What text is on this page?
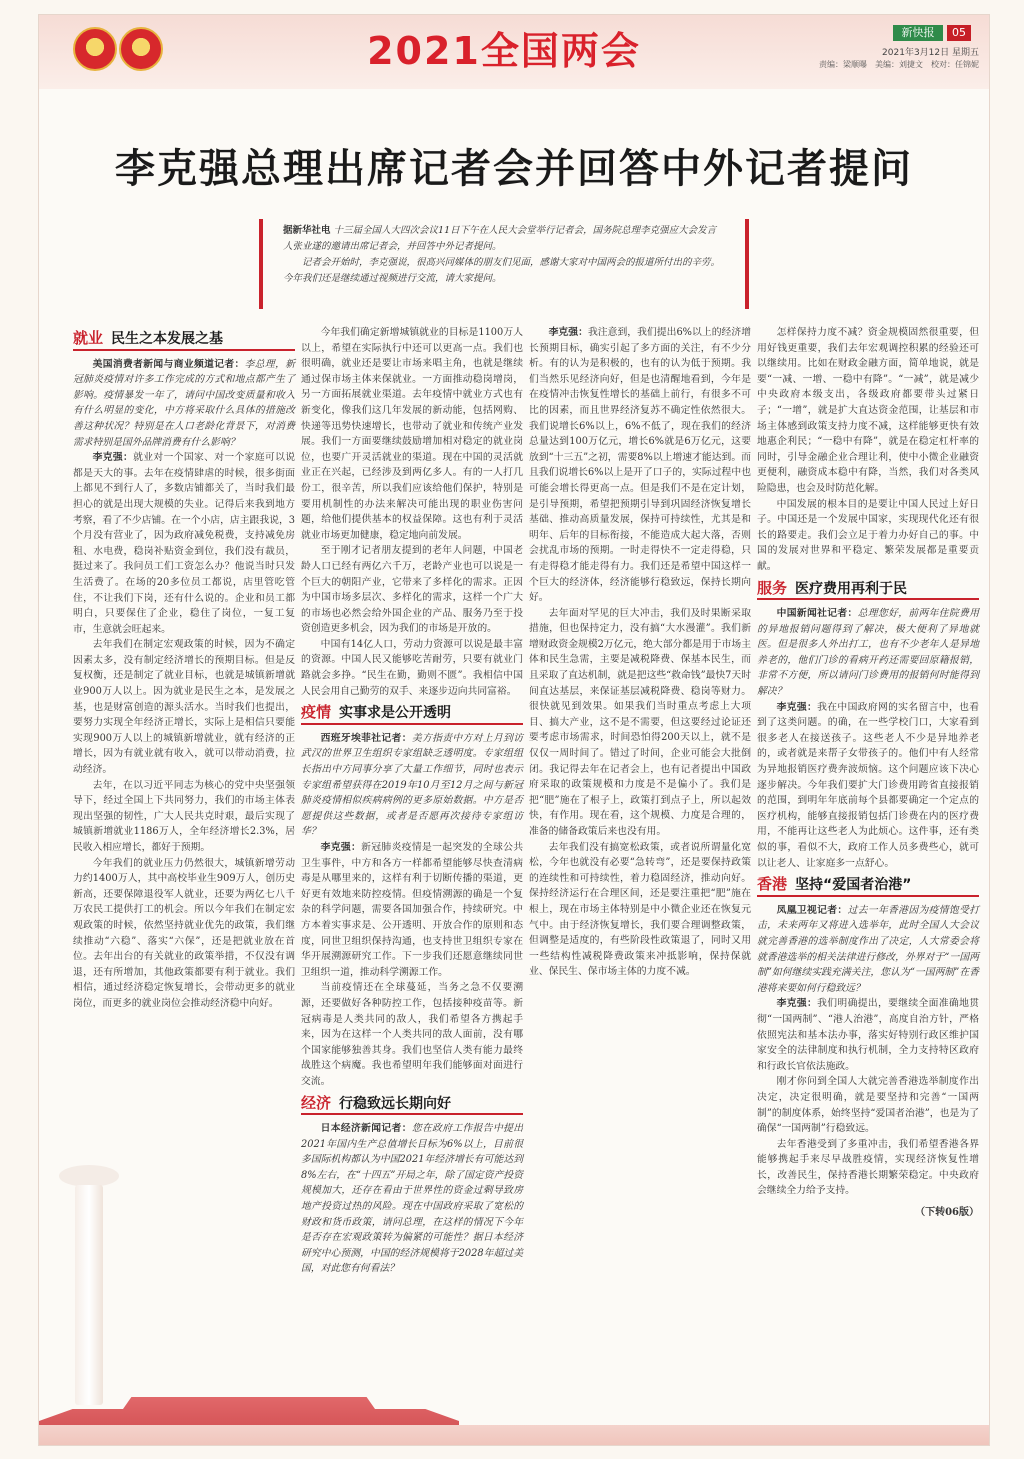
2021全国两会	新快报	05
2021年3月12日 星期五
责编：梁顺曝　美编：刘捷文　校对：任锦妮
李克强总理出席记者会并回答中外记者提问
据新华社电 十三届全国人大四次会议11日下午在人民大会堂举行记者会，国务院总理李克强应大会发言人张业遂的邀请出席记者会，并回答中外记者提问。
记者会开始时，李克强说，很高兴同媒体的朋友们见面，感谢大家对中国两会的报道所付出的辛劳。今年我们还是继续通过视频进行交流，请大家提问。
就业 民生之本发展之基

美国消费者新闻与商业频道记者：李总理，新冠肺炎疫情对许多工作完成的方式和地点都产生了影响。疫情暴发一年了，请问中国改变质量和收入有什么明显的变化，中方将采取什么具体的措施改善这种状况？特别是在人口老龄化背景下，对消费需求特别是国外品牌消费有什么影响？

李克强：就业对一个国家、对一个家庭可以说都是天大的事。去年在疫情肆虐的时候，很多街面上都见不到行人了，多数店铺都关了，当时我们最担心的就是出现大规模的失业。记得后来我到地方考察，看了不少店铺。在一个小店，店主跟我说，3个月没有营业了，因为政府减免税费，支持减免房租、水电费，稳岗补贴资金到位，我们没有裁员，挺过来了。我问员工们工资怎么办？他说当时只发生活费了。在场的20多位员工都说，店里管吃管住，不让我们下岗，还有什么说的。企业和员工都明白，只要保住了企业，稳住了岗位，一复工复市，生意就会旺起来。

去年我们在制定宏观政策的时候，因为不确定因素太多，没有制定经济增长的预期目标。但是反复权衡，还是制定了就业目标，也就是城镇新增就业900万人以上。因为就业是民生之本，是发展之基，也是财富创造的源头活水。当时我们也提出，要努力实现全年经济正增长，实际上是相信只要能实现900万人以上的城镇新增就业，就有经济的正增长，因为有就业就有收入，就可以带动消费，拉动经济。

去年，在以习近平同志为核心的党中央坚强领导下，经过全国上下共同努力，我们的市场主体表现出坚强的韧性，广大人民共克时艰，最后实现了城镇新增就业1186万人，全年经济增长2.3%，居民收入相应增长，都好于预期。

今年我们的就业压力仍然很大，城镇新增劳动力约1400万人，其中高校毕业生909万人，创历史新高，还要保障退役军人就业，还要为两亿七八千万农民工提供打工的机会。所以今年我们在制定宏观政策的时候，依然坚持就业优先的政策，我们继续推动“六稳”、落实“六保”，还是把就业放在首位。去年出台的有关就业的政策举措，不仅没有调退，还有所增加，其他政策都要有利于就业。我们相信，通过经济稳定恢复增长，会带动更多的就业岗位，而更多的就业岗位会推动经济稳中向好。

今年我们确定新增城镇就业的目标是1100万人以上，希望在实际执行中还可以更高一点。我们也很明确，就业还是要让市场来唱主角，也就是继续通过保市场主体来保就业。一方面推动稳岗增岗，另一方面拓展就业渠道。去年疫情中就业方式也有新变化，像我们这几年发展的新动能，包括网购、快递等迅势快速增长，也带动了就业和传统产业发展。我们一方面要继续鼓励增加相对稳定的就业岗位，也要广开灵活就业的渠道。现在中国的灵活就业正在兴起，已经涉及到两亿多人。有的一人打几份工，很辛苦，所以我们应该给他们保护，特别是要用机制性的办法来解决可能出现的职业伤害问题，给他们提供基本的权益保障。这也有利于灵活就业市场更加健康，稳定地向前发展。

至于刚才记者朋友提到的老年人问题，中国老龄人口已经有两亿六千万，老龄产业也可以说是一个巨大的朝阳产业，它带来了多样化的需求。正因为中国市场多层次、多样化的需求，这样一个广大的市场也必然会给外国企业的产品、服务乃至于投资创造更多机会，因为我们的市场是开放的。

中国有14亿人口，劳动力资源可以说是最丰富的资源。中国人民又能够吃苦耐劳，只要有就业门路就会多挣。“民生在勤，勤则不匮”。我相信中国人民会用自己勤劳的双手、来逐步迈向共同富裕。

疫情 实事求是公开透明

西班牙埃菲社记者：美方指责中方对上月到访武汉的世界卫生组织专家组缺乏透明度。专家组组长指出中方同事分享了大量工作细节，同时也表示专家组希望获得在2019年10月至12月之间与新冠肺炎疫情相似疾病病例的更多原始数据。中方是否愿提供这些数据，或者是否愿再次接待专家组访华？

李克强：新冠肺炎疫情是一起突发的全球公共卫生事件，中方和各方一样都希望能够尽快查清病毒是从哪里来的，这样有利于切断传播的渠道，更好更有效地来防控疫情。但疫情溯源的确是一个复杂的科学问题，需要各国加强合作，持续研究。中方本着实事求是、公开透明、开放合作的原则和态度，同世卫组织保持沟通，也支持世卫组织专家在华开展溯源研究工作。下一步我们还愿意继续同世卫组织一道，推动科学溯源工作。

当前疫情还在全球蔓延，当务之急不仅要溯源，还要做好各种防控工作，包括接种疫苗等。新冠病毒是人类共同的敌人，我们希望各方携起手来，因为在这样一个人类共同的敌人面前，没有哪个国家能够独善其身。我们也坚信人类有能力最终战胜这个病魔。我也希望明年我们能够面对面进行交流。

经济 行稳致远长期向好

日本经济新闻记者：您在政府工作报告中提出2021年国内生产总值增长目标为6%以上，目前很多国际机构都认为中国2021年经济增长有可能达到8%左右，在“十四五”开局之年，除了国定资产投资规模加大，还存在看由于世界性的资金过剩导致房地产投资过热的风险。现在中国政府采取了宽松的财政和货币政策，请问总理，在这样的情况下今年是否存在宏观政策转为偏紧的可能性？据日本经济研究中心预测，中国的经济规模将于2028年超过美国，对此您有何看法？

李克强：我注意到，我们提出6%以上的经济增长预期目标，确实引起了多方面的关注，有不少分析。有的认为是积极的，也有的认为低于预期。我们当然乐见经济向好，但是也清醒地看到，今年是在疫情冲击恢复性增长的基础上前行，有很多不可比的因素，而且世界经济复苏不确定性依然很大。我们说增长6%以上，6%不低了，现在我们的经济总量达到100万亿元，增长6%就是6万亿元，这要放到“十三五”之初，需要8%以上增速才能达到。而且我们说增长6%以上是开了口子的，实际过程中也可能会增长得更高一点。但是我们不是在定计划，是引导预期，希望把预期引导到巩固经济恢复增长基础、推动高质量发展，保持可持续性，尤其是和明年、后年的目标衔接，不能造成大起大落，否则会扰乱市场的预期。一时走得快不一定走得稳，只有走得稳才能走得有力。我们还是希望中国这样一个巨大的经济体，经济能够行稳致远，保持长期向好。

去年面对罕见的巨大冲击，我们及时果断采取措施，但也保持定力，没有搞“大水漫灌”。我们新增财政资金规模2万亿元，绝大部分都是用于市场主体和民生急需，主要是减税降费、保基本民生，而且采取了直达机制，就是把这些“救命钱”最快7天时间直达基层，来保证基层减税降费、稳岗等财力。很快就见到效果。如果我们当时重点考虑上大项目、搞大产业，这不是不需要，但这要经过论证还要考虑市场需求，时间恐怕得200天以上，就不是仅仅一周时间了。错过了时间，企业可能会大批倒闭。我记得去年在记者会上，也有记者提出中国政府采取的政策规模和力度是不是偏小了。我们是把“肥”施在了根子上，政策打到点子上，所以起效快，有作用。现在看，这个规模、力度是合理的，准备的储备政策后来也没有用。

去年我们没有搞宽松政策，或者说所谓量化宽松，今年也就没有必要“急转弯”，还是要保持政策的连续性和可持续性，着力稳固经济，推动向好。保持经济运行在合理区间，还是要注重把“肥”施在根上，现在市场主体特别是中小微企业还在恢复元气中。由于经济恢复增长，我们要合理调整政策，但调整是适度的，有些阶段性政策退了，同时又用一些结构性减税降费政策来冲抵影响，保持保就业、保民生、保市场主体的力度不减。

怎样保持力度不减？资金规模固然很重要，但用好钱更重要，我们去年宏观调控积累的经验还可以继续用。比如在财政金融方面，简单地说，就是要“一减、一增、一稳中有降”。“一减”，就是减少中央政府本级支出，各级政府都要带头过紧日子；“一增”，就是扩大直达资金范围，让基层和市场主体感到政策支持力度不减，这样能够更快有效地惠企利民；“一稳中有降”，就是在稳定杠杆率的同时，引导金融企业合理让利，使中小微企业融资更便利，融资成本稳中有降，当然，我们对各类风险隐患，也会及时防范化解。

中国发展的根本目的是要让中国人民过上好日子。中国还是一个发展中国家，实现现代化还有很长的路要走。我们会立足于着力办好自己的事。中国的发展对世界和平稳定、繁荣发展都是重要贡献。

服务 医疗费用再利于民

中国新闻社记者：总理您好，前两年住院费用的异地报销问题得到了解决，极大便利了异地就医。但是很多人外出打工，也有不少老年人是异地养老的，他们门诊的看病开药还需要回原籍报销，非常不方便，所以请问门诊费用的报销何时能得到解决？

李克强：我在中国政府网的实名留言中，也看到了这类问题。的确，在一些学校门口，大家看到很多老人在接送孩子。这些老人不少是异地养老的，或者就是来帮子女带孩子的。他们中有人经常为异地报销医疗费奔波烦恼。这个问题应该下决心逐步解决。今年我们要扩大门诊费用跨省直接报销的范围，到明年年底前每个县都要确定一个定点的医疗机构，能够直接报销包括门诊费在内的医疗费用，不能再让这些老人为此烦心。这件事，还有类似的事，看似不大，政府工作人员多费些心，就可以让老人、让家庭多一点舒心。

香港 坚持“爱国者治港”

凤凰卫视记者：过去一年香港因为疫情饱受打击，未来两年又将进入选举年，此时全国人大会议就完善香港的选举制度作出了决定，人大常委会将就香港选举的相关法律进行修改，外界对于“一国两制”如何继续实践充满关注，您认为“一国两制”在香港将来要如何行稳致远？

李克强：我们明确提出，要继续全面准确地贯彻“一国两制”、“港人治港”，高度自治方针，严格依照宪法和基本法办事，落实好特别行政区维护国家安全的法律制度和执行机制，全力支持特区政府和行政长官依法施政。

刚才你问到全国人大就完善香港选举制度作出决定，决定很明确，就是要坚持和完善“一国两制”的制度体系，始终坚持“爱国者治港”，也是为了确保“一国两制”行稳致远。

去年香港受到了多重冲击，我们希望香港各界能够携起手来尽早战胜疫情，实现经济恢复性增长，改善民生，保持香港长期繁荣稳定。中央政府会继续全力给予支持。

（下转06版）
